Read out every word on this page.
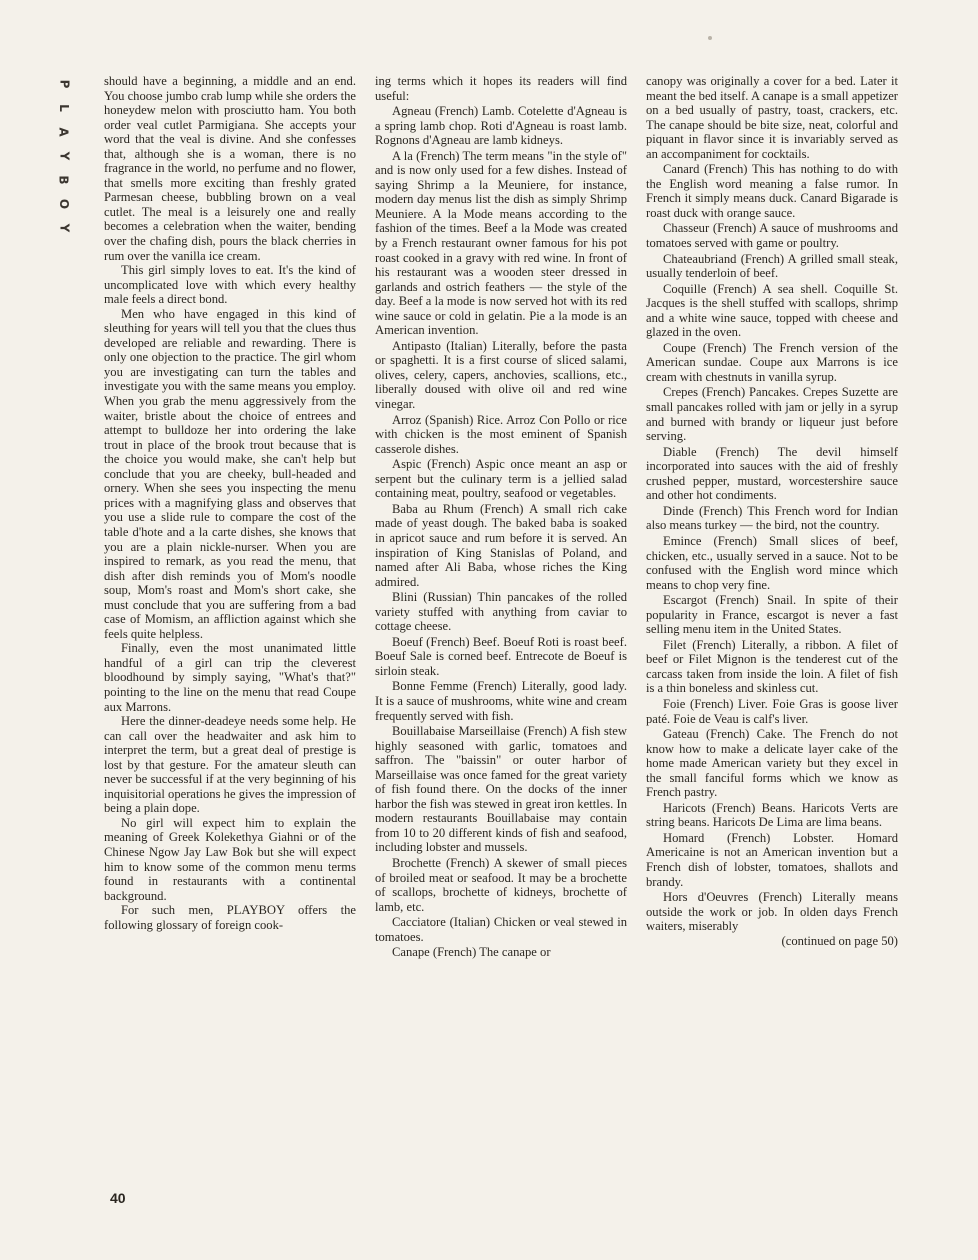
P
L
A
Y
B
O
Y

should have a beginning, a middle and an end. You choose jumbo crab lump while she orders the honeydew melon with prosciutto ham. You both order veal cutlet Parmigiana. She accepts your word that the veal is divine. And she confesses that, although she is a woman, there is no fragrance in the world, no perfume and no flower, that smells more exciting than freshly grated Parmesan cheese, bubbling brown on a veal cutlet. The meal is a leisurely one and really becomes a celebration when the waiter, bending over the chafing dish, pours the black cherries in rum over the vanilla ice cream.

This girl simply loves to eat. It's the kind of uncomplicated love with which every healthy male feels a direct bond.

Men who have engaged in this kind of sleuthing for years will tell you that the clues thus developed are reliable and rewarding. There is only one objection to the practice. The girl whom you are investigating can turn the tables and investigate you with the same means you employ. When you grab the menu aggressively from the waiter, bristle about the choice of entrees and attempt to bulldoze her into ordering the lake trout in place of the brook trout because that is the choice you would make, she can't help but conclude that you are cheeky, bull-headed and ornery. When she sees you inspecting the menu prices with a magnifying glass and observes that you use a slide rule to compare the cost of the table d'hote and a la carte dishes, she knows that you are a plain nickle-nurser. When you are inspired to remark, as you read the menu, that dish after dish reminds you of Mom's noodle soup, Mom's roast and Mom's short cake, she must conclude that you are suffering from a bad case of Momism, an affliction against which she feels quite helpless.

Finally, even the most unanimated little handful of a girl can trip the cleverest bloodhound by simply saying, "What's that?" pointing to the line on the menu that read Coupe aux Marrons.

Here the dinner-deadeye needs some help. He can call over the headwaiter and ask him to interpret the term, but a great deal of prestige is lost by that gesture. For the amateur sleuth can never be successful if at the very beginning of his inquisitorial operations he gives the impression of being a plain dope.

No girl will expect him to explain the meaning of Greek Kolekethya Giahni or of the Chinese Ngow Jay Law Bok but she will expect him to know some of the common menu terms found in restaurants with a continental background.

For such men, PLAYBOY offers the following glossary of foreign cook-

ing terms which it hopes its readers will find useful:

Agneau (French) Lamb. Cotelette d'Agneau is a spring lamb chop. Roti d'Agneau is roast lamb. Rognons d'Agneau are lamb kidneys.

A la (French) The term means "in the style of" and is now only used for a few dishes. Instead of saying Shrimp a la Meuniere, for instance, modern day menus list the dish as simply Shrimp Meuniere. A la Mode means according to the fashion of the times. Beef a la Mode was created by a French restaurant owner famous for his pot roast cooked in a gravy with red wine. In front of his restaurant was a wooden steer dressed in garlands and ostrich feathers — the style of the day. Beef a la mode is now served hot with its red wine sauce or cold in gelatin. Pie a la mode is an American invention.

Antipasto (Italian) Literally, before the pasta or spaghetti. It is a first course of sliced salami, olives, celery, capers, anchovies, scallions, etc., liberally doused with olive oil and red wine vinegar.

Arroz (Spanish) Rice. Arroz Con Pollo or rice with chicken is the most eminent of Spanish casserole dishes.

Aspic (French) Aspic once meant an asp or serpent but the culinary term is a jellied salad containing meat, poultry, seafood or vegetables.

Baba au Rhum (French) A small rich cake made of yeast dough. The baked baba is soaked in apricot sauce and rum before it is served. An inspiration of King Stanislas of Poland, and named after Ali Baba, whose riches the King admired.

Blini (Russian) Thin pancakes of the rolled variety stuffed with anything from caviar to cottage cheese.

Boeuf (French) Beef. Boeuf Roti is roast beef. Boeuf Sale is corned beef. Entrecote de Boeuf is sirloin steak.

Bonne Femme (French) Literally, good lady. It is a sauce of mushrooms, white wine and cream frequently served with fish.

Bouillabaise Marseillaise (French) A fish stew highly seasoned with garlic, tomatoes and saffron. The "baissin" or outer harbor of Marseillaise was once famed for the great variety of fish found there. On the docks of the inner harbor the fish was stewed in great iron kettles. In modern restaurants Bouillabaise may contain from 10 to 20 different kinds of fish and seafood, including lobster and mussels.

Brochette (French) A skewer of small pieces of broiled meat or seafood. It may be a brochette of scallops, brochette of kidneys, brochette of lamb, etc.

Cacciatore (Italian) Chicken or veal stewed in tomatoes.

Canape (French) The canape or

canopy was originally a cover for a bed. Later it meant the bed itself. A canape is a small appetizer on a bed usually of pastry, toast, crackers, etc. The canape should be bite size, neat, colorful and piquant in flavor since it is invariably served as an accompaniment for cocktails.

Canard (French) This has nothing to do with the English word meaning a false rumor. In French it simply means duck. Canard Bigarade is roast duck with orange sauce.

Chasseur (French) A sauce of mushrooms and tomatoes served with game or poultry.

Chateaubriand (French) A grilled small steak, usually tenderloin of beef.

Coquille (French) A sea shell. Coquille St. Jacques is the shell stuffed with scallops, shrimp and a white wine sauce, topped with cheese and glazed in the oven.

Coupe (French) The French version of the American sundae. Coupe aux Marrons is ice cream with chestnuts in vanilla syrup.

Crepes (French) Pancakes. Crepes Suzette are small pancakes rolled with jam or jelly in a syrup and burned with brandy or liqueur just before serving.

Diable (French) The devil himself incorporated into sauces with the aid of freshly crushed pepper, mustard, worcestershire sauce and other hot condiments.

Dinde (French) This French word for Indian also means turkey — the bird, not the country.

Emince (French) Small slices of beef, chicken, etc., usually served in a sauce. Not to be confused with the English word mince which means to chop very fine.

Escargot (French) Snail. In spite of their popularity in France, escargot is never a fast selling menu item in the United States.

Filet (French) Literally, a ribbon. A filet of beef or Filet Mignon is the tenderest cut of the carcass taken from inside the loin. A filet of fish is a thin boneless and skinless cut.

Foie (French) Liver. Foie Gras is goose liver paté. Foie de Veau is calf's liver.

Gateau (French) Cake. The French do not know how to make a delicate layer cake of the home made American variety but they excel in the small fanciful forms which we know as French pastry.

Haricots (French) Beans. Haricots Verts are string beans. Haricots De Lima are lima beans.

Homard (French) Lobster. Homard Americaine is not an American invention but a French dish of lobster, tomatoes, shallots and brandy.

Hors d'Oeuvres (French) Literally means outside the work or job. In olden days French waiters, miserably

(continued on page 50)

40
